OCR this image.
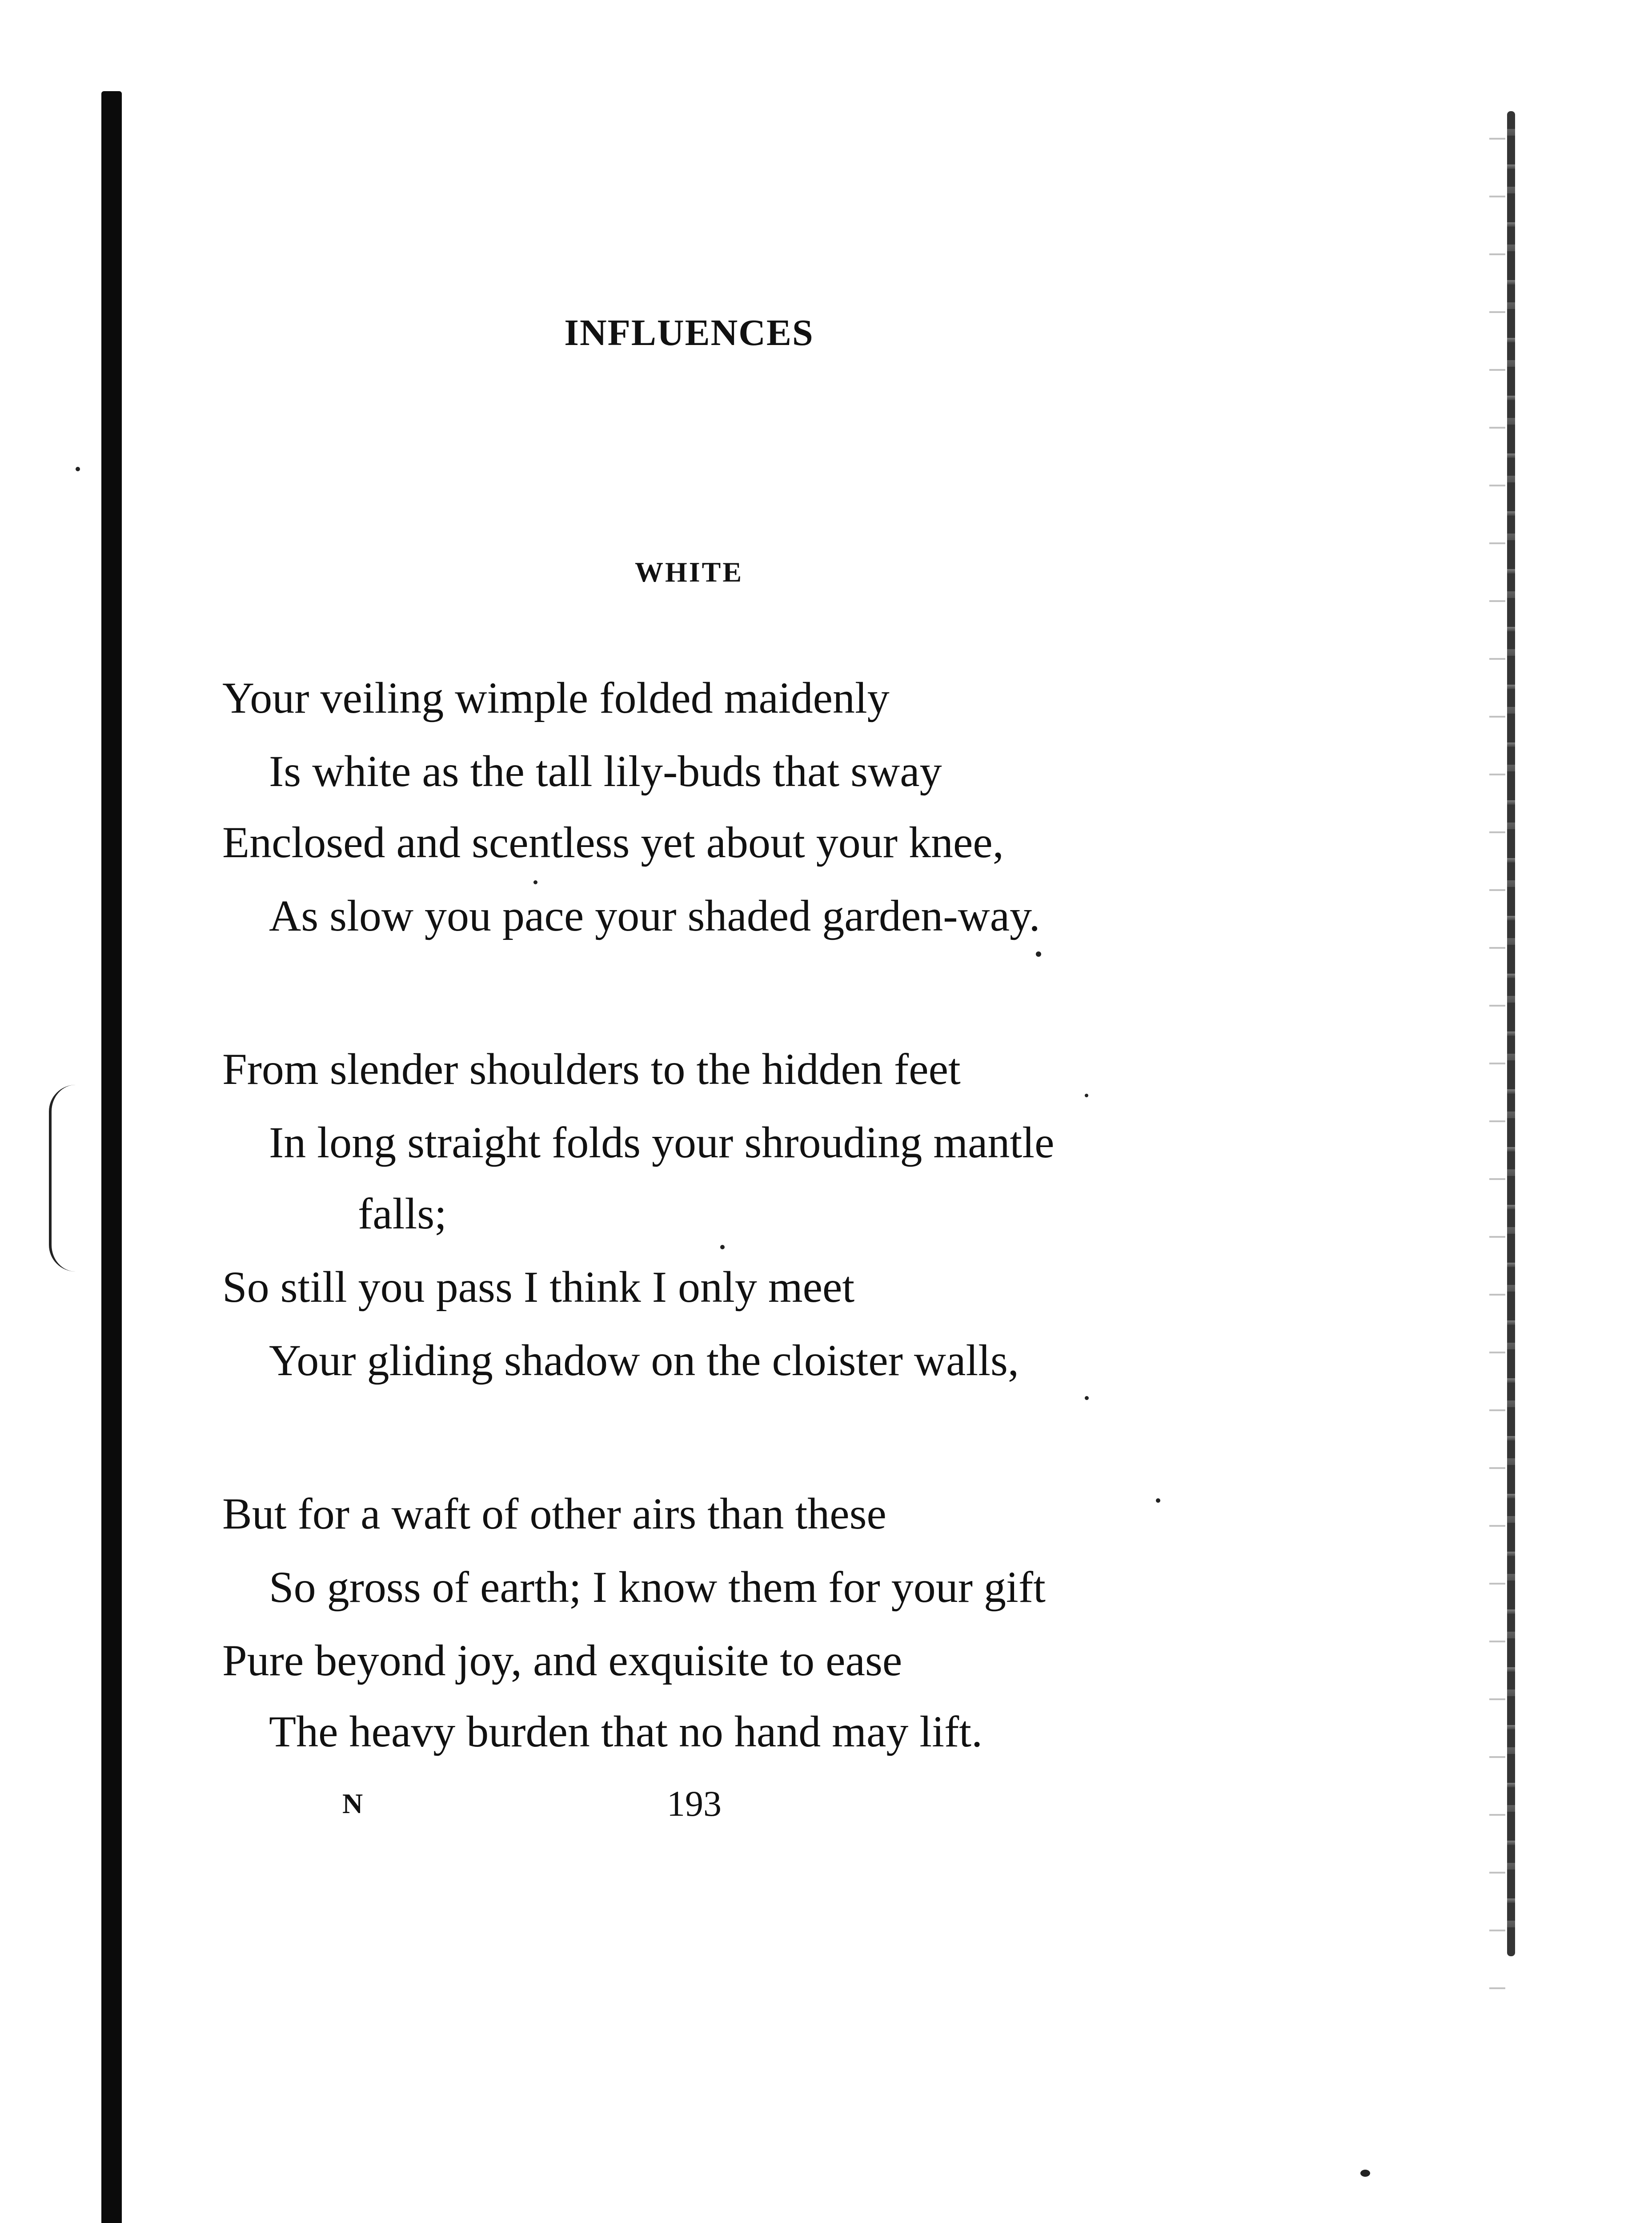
INFLUENCES
WHITE
Your veiling wimple folded maidenly
Is white as the tall lily-buds that sway
Enclosed and scentless yet about your knee,
As slow you pace your shaded garden-way.
From slender shoulders to the hidden feet
In long straight folds your shrouding mantle
falls;
So still you pass I think I only meet
Your gliding shadow on the cloister walls,
But for a waft of other airs than these
So gross of earth; I know them for your gift
Pure beyond joy, and exquisite to ease
The heavy burden that no hand may lift.
N	193
